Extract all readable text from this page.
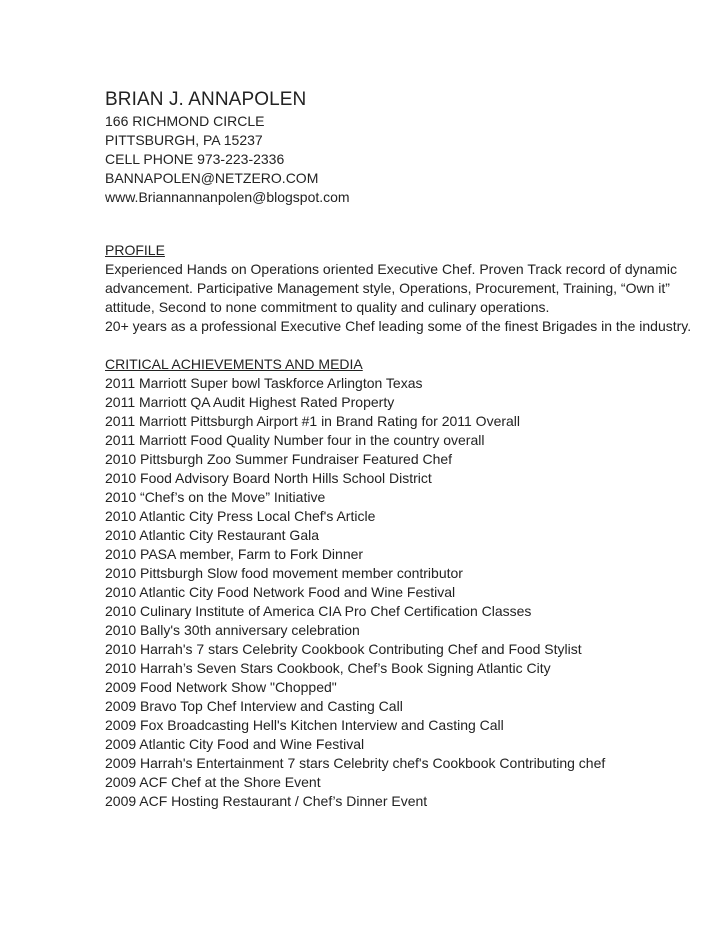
BRIAN J. ANNAPOLEN
166 RICHMOND CIRCLE
PITTSBURGH, PA 15237
CELL PHONE 973-223-2336
BANNAPOLEN@NETZERO.COM
www.Briannannanpolen@blogspot.com
PROFILE
Experienced Hands on Operations oriented Executive Chef. Proven Track record of dynamic advancement. Participative Management style, Operations, Procurement, Training, “Own it” attitude, Second to none commitment to quality and culinary operations.
20+ years as a professional Executive Chef leading some of the finest Brigades in the industry.
CRITICAL ACHIEVEMENTS AND MEDIA
2011 Marriott Super bowl Taskforce Arlington Texas
2011 Marriott QA Audit Highest Rated Property
2011 Marriott Pittsburgh Airport #1 in Brand Rating for 2011 Overall
2011 Marriott Food Quality Number four in the country overall
2010 Pittsburgh Zoo Summer Fundraiser Featured Chef
2010 Food Advisory Board North Hills School District
2010 “Chef’s on the Move” Initiative
2010 Atlantic City Press Local Chef's Article
2010 Atlantic City Restaurant Gala
2010 PASA member, Farm to Fork Dinner
2010 Pittsburgh Slow food movement member contributor
2010 Atlantic City Food Network Food and Wine Festival
2010 Culinary Institute of America CIA Pro Chef Certification Classes
2010 Bally's 30th anniversary celebration
2010 Harrah's 7 stars Celebrity Cookbook Contributing Chef and Food Stylist
2010 Harrah’s Seven Stars Cookbook, Chef’s Book Signing Atlantic City
2009 Food Network Show "Chopped"
2009 Bravo Top Chef Interview and Casting Call
2009 Fox Broadcasting Hell's Kitchen Interview and Casting Call
2009 Atlantic City Food and Wine Festival
2009 Harrah's Entertainment 7 stars Celebrity chef's Cookbook Contributing chef
2009 ACF Chef at the Shore Event
2009 ACF Hosting Restaurant / Chef’s Dinner Event
